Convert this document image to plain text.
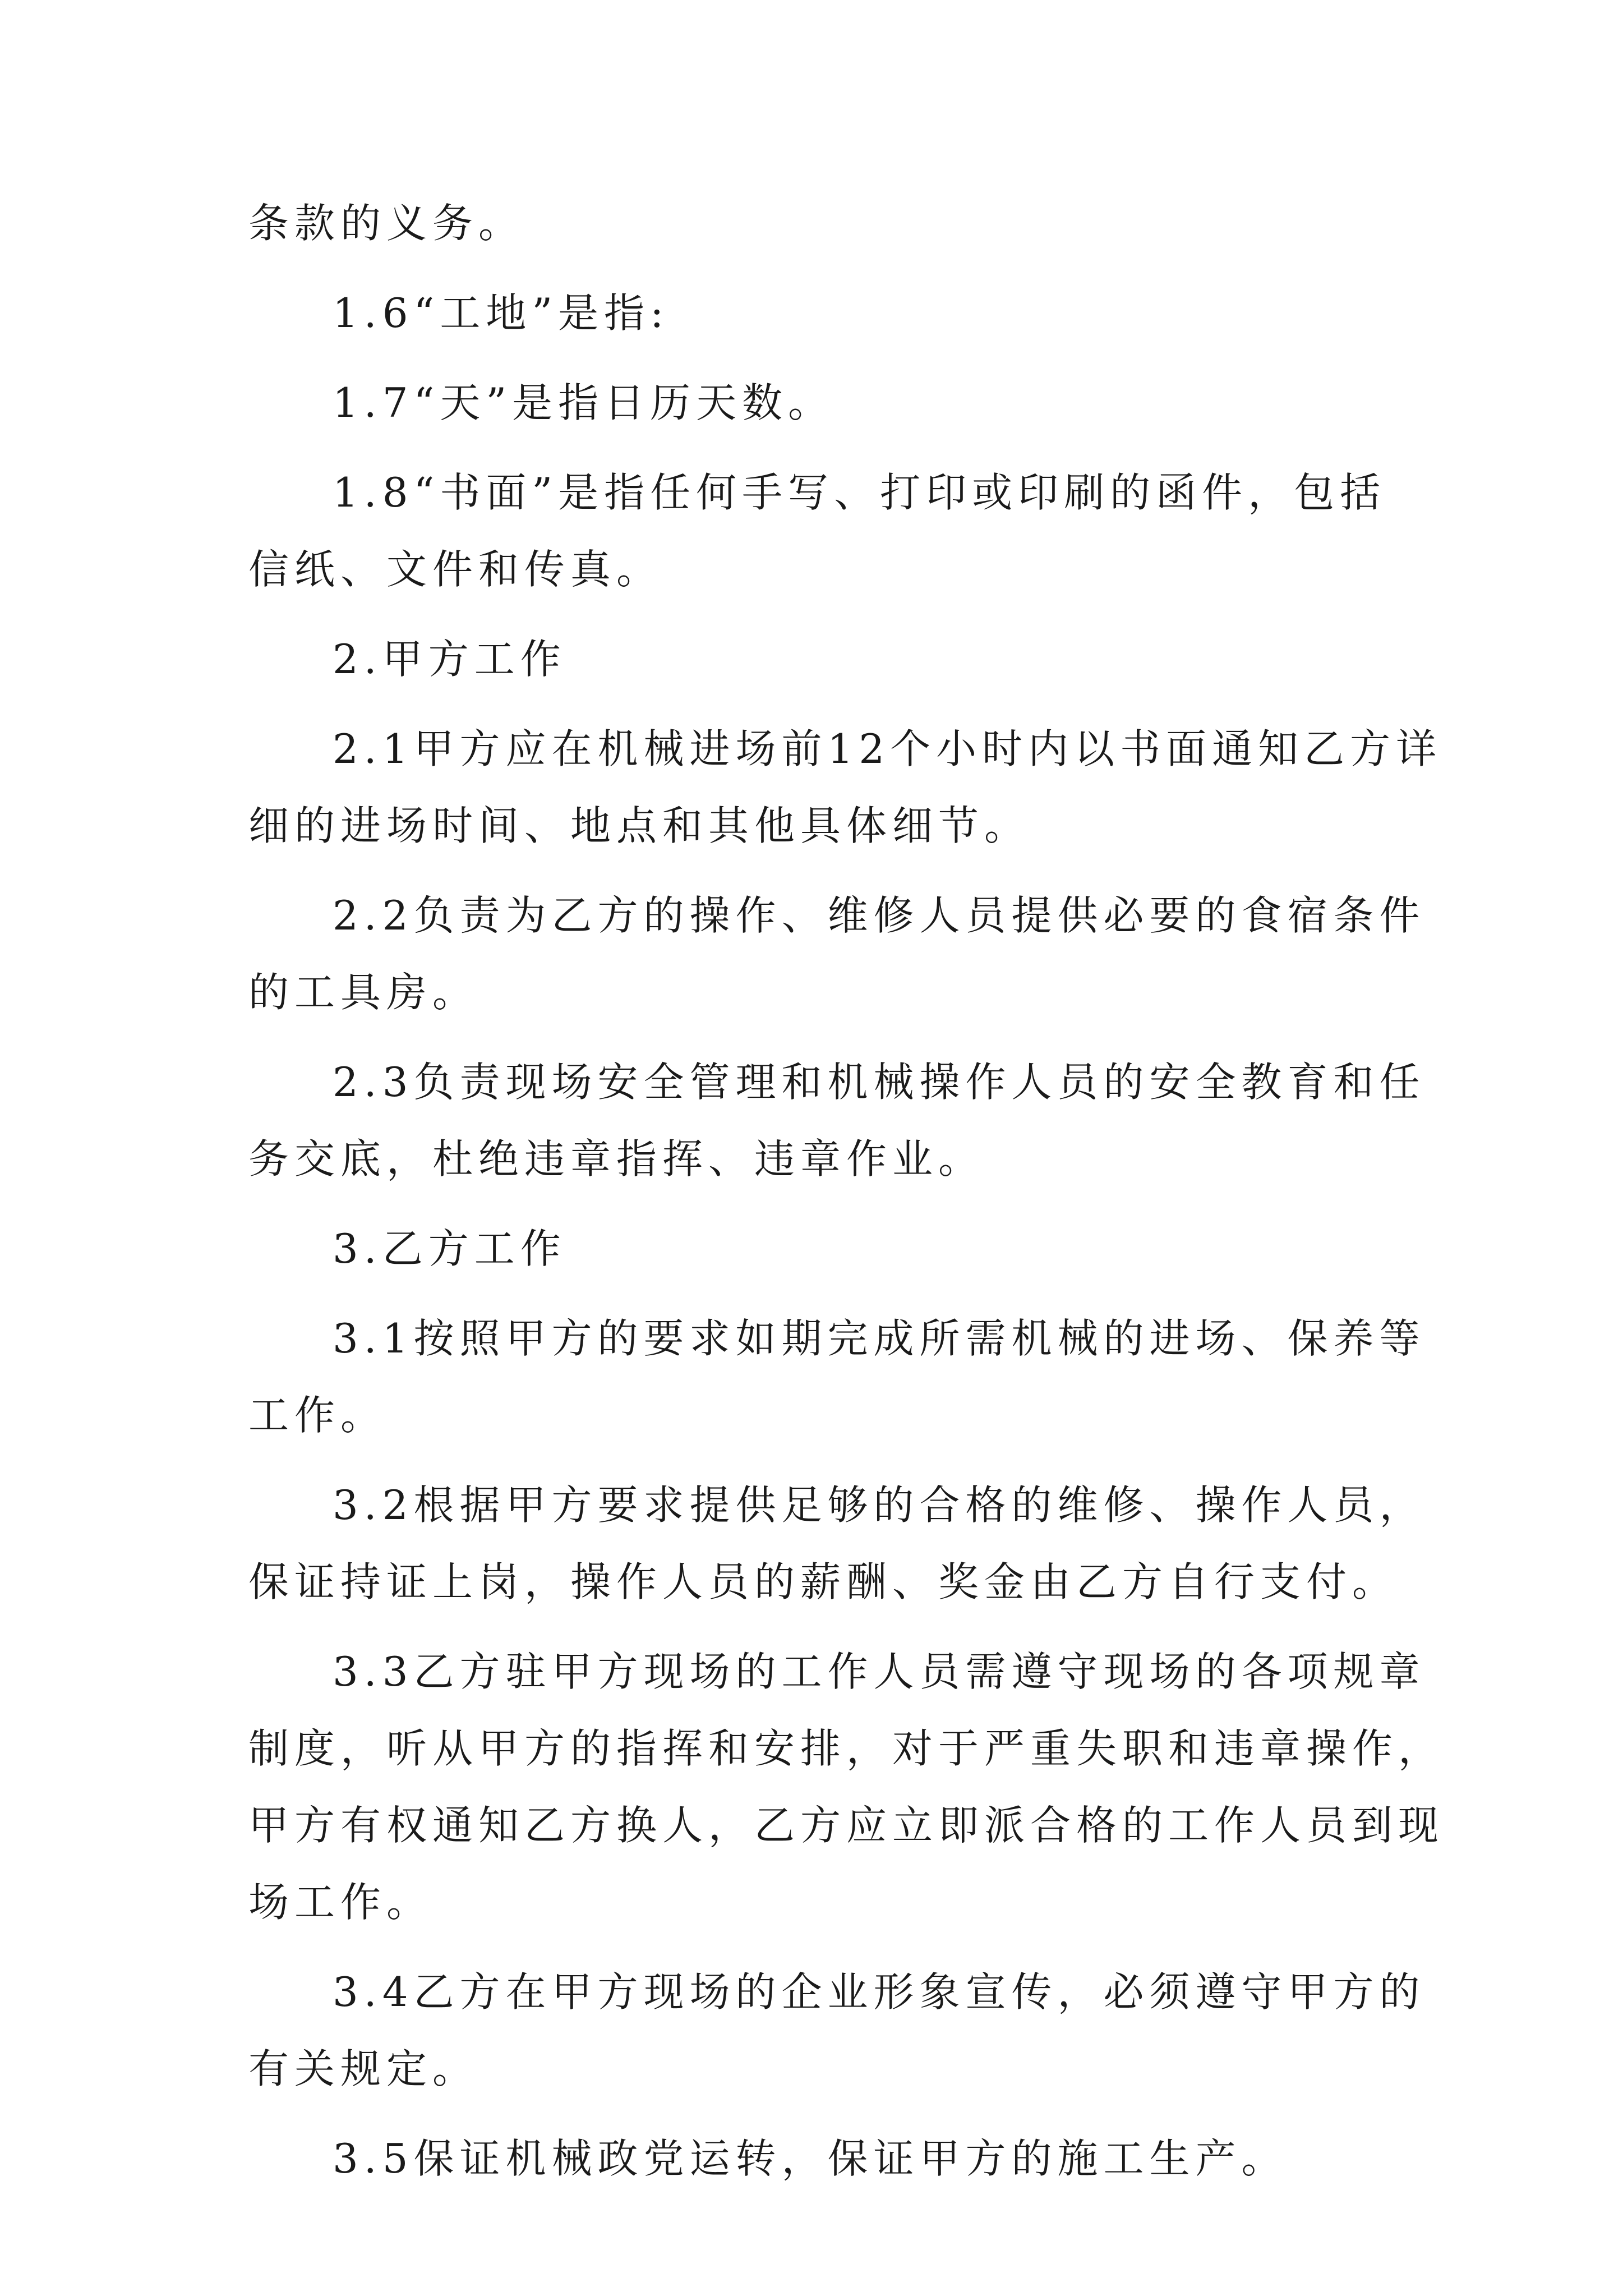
条款的义务。
1.6“工地”是指:
1.7“天”是指日历天数。
1.8“书面”是指任何手写、打印或印刷的函件，包括
信纸、文件和传真。
2.甲方工作
2.1甲方应在机械进场前12个小时内以书面通知乙方详
细的进场时间、地点和其他具体细节。
2.2负责为乙方的操作、维修人员提供必要的食宿条件
的工具房。
2.3负责现场安全管理和机械操作人员的安全教育和任
务交底，杜绝违章指挥、违章作业。
3.乙方工作
3.1按照甲方的要求如期完成所需机械的进场、保养等
工作。
3.2根据甲方要求提供足够的合格的维修、操作人员，
保证持证上岗，操作人员的薪酬、奖金由乙方自行支付。
3.3乙方驻甲方现场的工作人员需遵守现场的各项规章
制度，听从甲方的指挥和安排，对于严重失职和违章操作，
甲方有权通知乙方换人，乙方应立即派合格的工作人员到现
场工作。
3.4乙方在甲方现场的企业形象宣传，必须遵守甲方的
有关规定。
3.5保证机械政党运转，保证甲方的施工生产。
